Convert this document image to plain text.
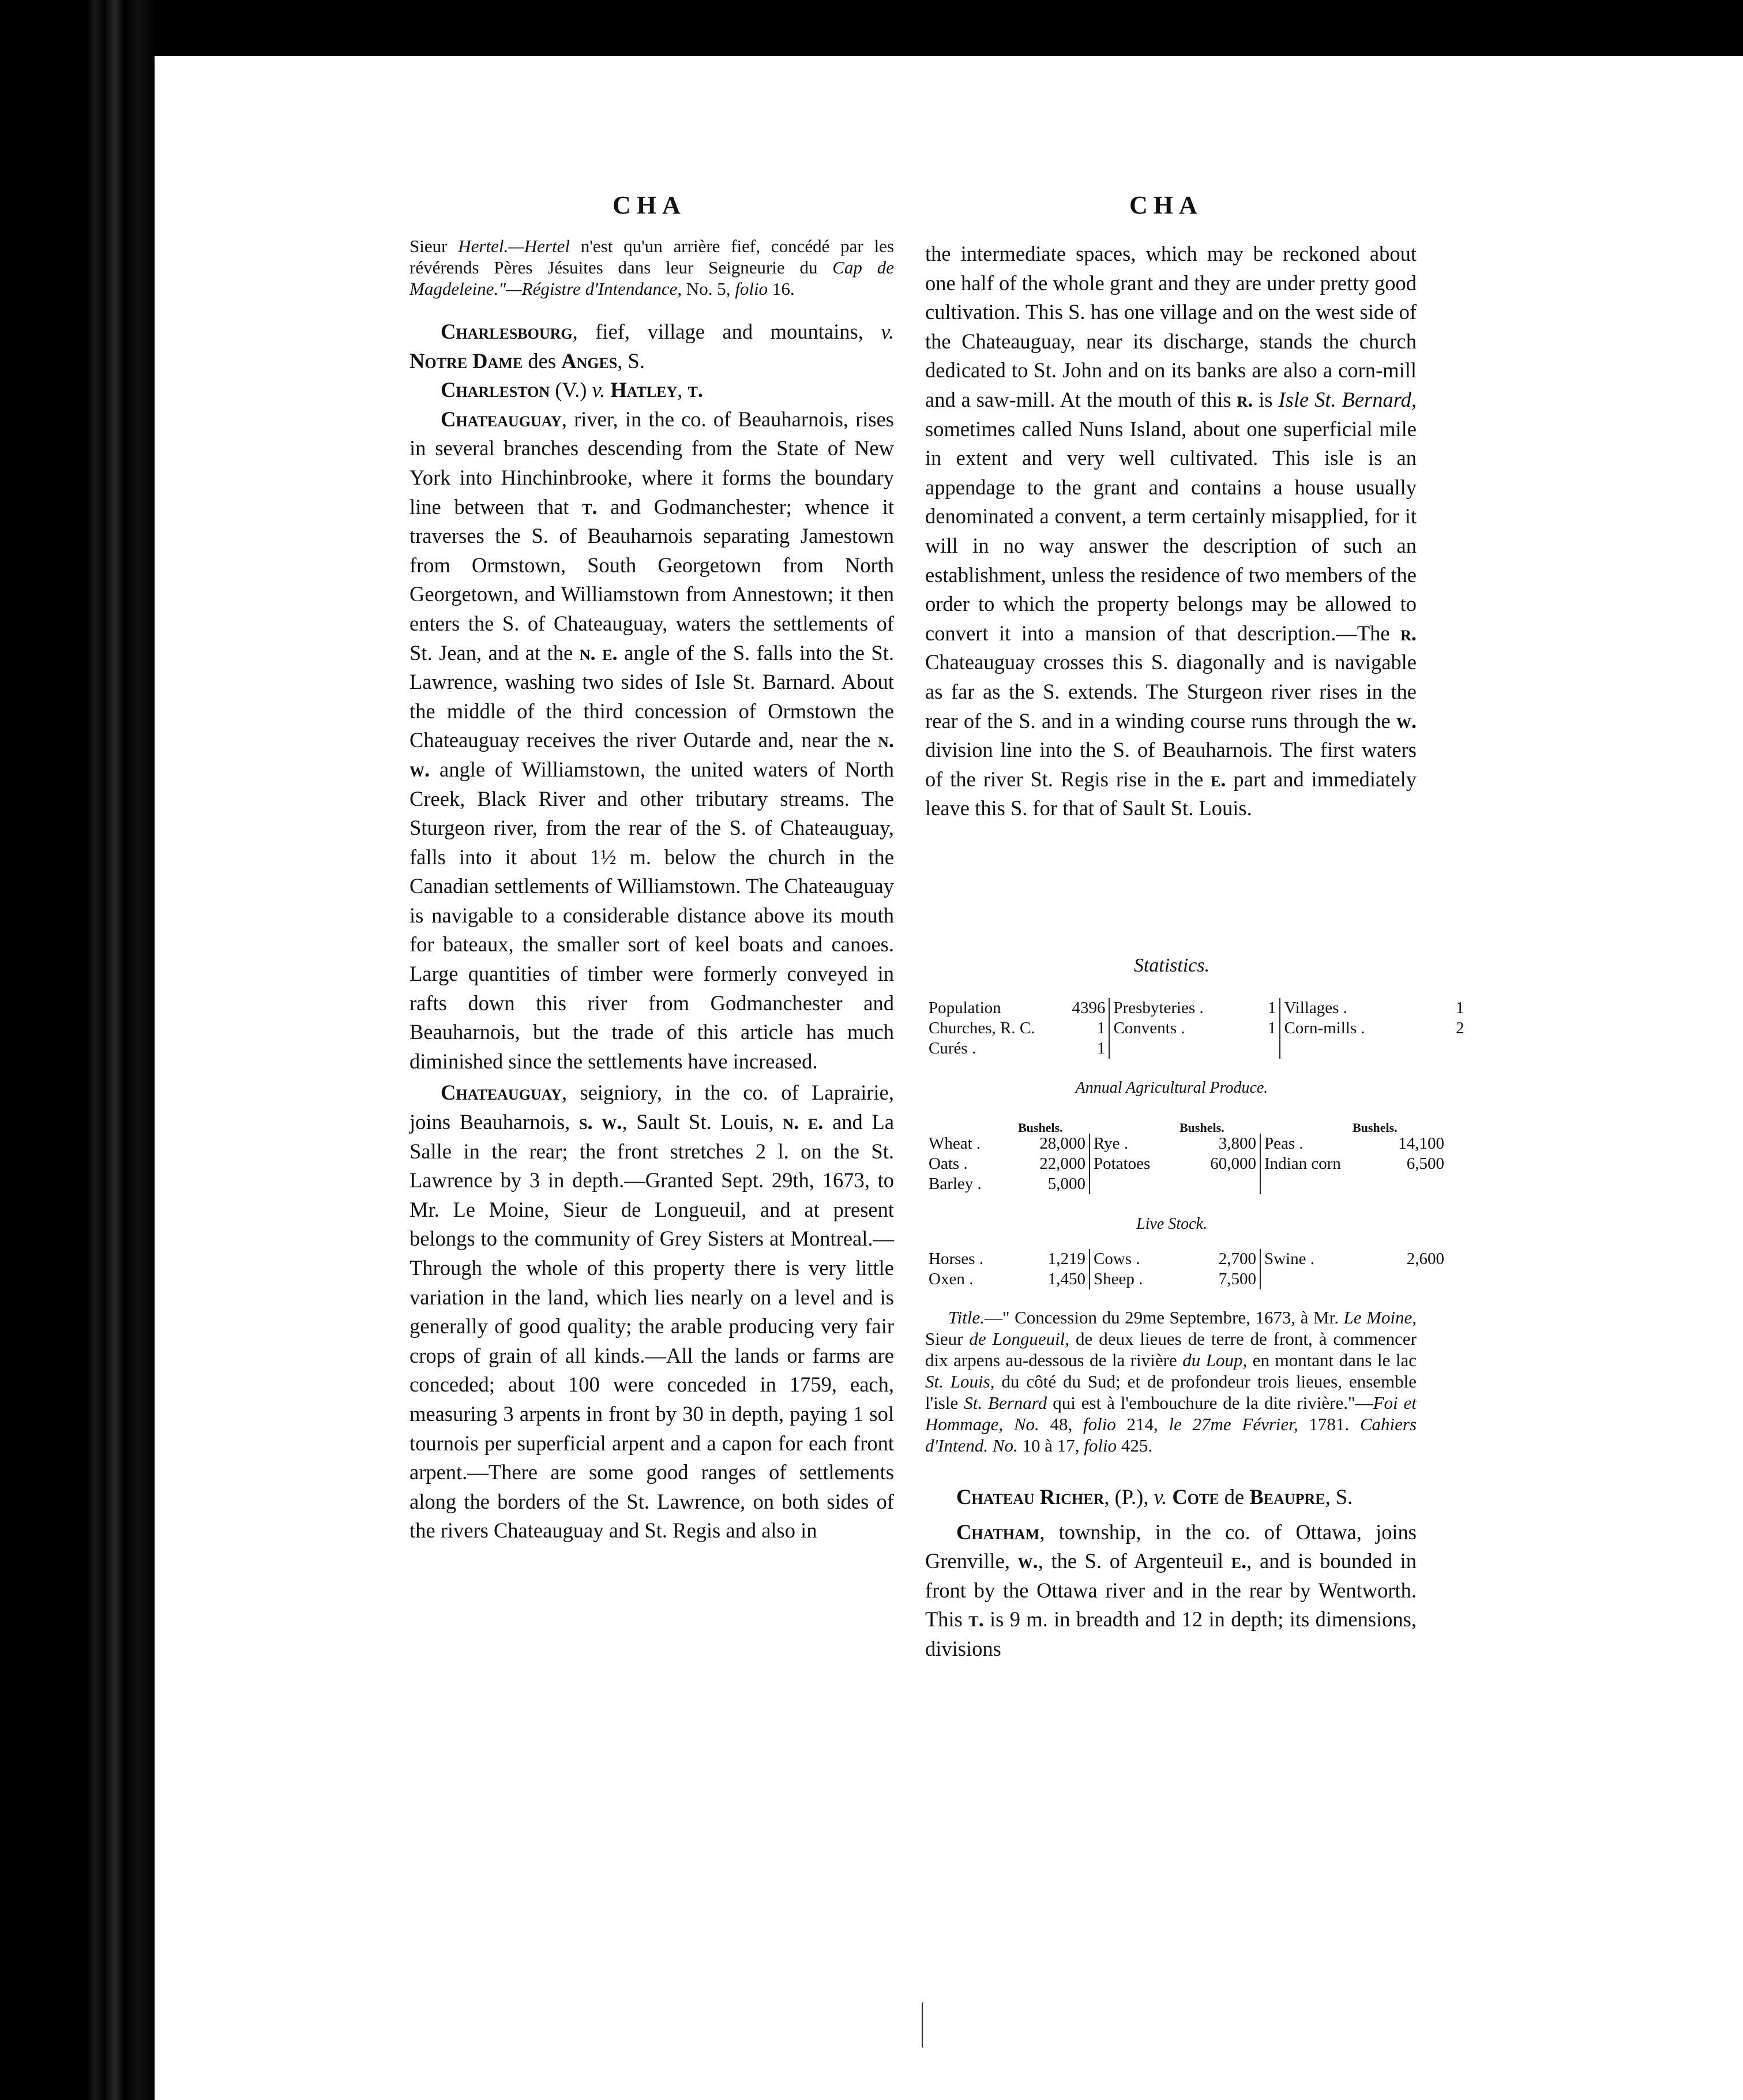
CHA	CHA
Sieur Hertel.—Hertel n'est qu'un arrière fief, concédé par les révérends Pères Jésuites dans leur Seigneurie du Cap de Magdeleine."—Régistre d'Intendance, No. 5, folio 16.

Charlesbourg, fief, village and mountains, v. Notre Dame des Anges, S.

Charleston (V.) v. Hatley, t.

Chateauguay, river, in the co. of Beauharnois, rises in several branches descending from the State of New York into Hinchinbrooke, where it forms the boundary line between that t. and Godmanchester; whence it traverses the S. of Beauharnois separating Jamestown from Ormstown, South Georgetown from North Georgetown, and Williamstown from Annestown; it then enters the S. of Chateauguay, waters the settlements of St. Jean, and at the n. e. angle of the S. falls into the St. Lawrence, washing two sides of Isle St. Barnard. About the middle of the third concession of Ormstown the Chateauguay receives the river Outarde and, near the n. w. angle of Williamstown, the united waters of North Creek, Black River and other tributary streams. The Sturgeon river, from the rear of the S. of Chateauguay, falls into it about 1½ m. below the church in the Canadian settlements of Williamstown. The Chateauguay is navigable to a considerable distance above its mouth for bateaux, the smaller sort of keel boats and canoes. Large quantities of timber were formerly conveyed in rafts down this river from Godmanchester and Beauharnois, but the trade of this article has much diminished since the settlements have increased.

Chateauguay, seigniory, in the co. of Laprairie, joins Beauharnois, s. w., Sault St. Louis, n. e. and La Salle in the rear; the front stretches 2 l. on the St. Lawrence by 3 in depth.—Granted Sept. 29th, 1673, to Mr. Le Moine, Sieur de Longueuil, and at present belongs to the community of Grey Sisters at Montreal.—Through the whole of this property there is very little variation in the land, which lies nearly on a level and is generally of good quality; the arable producing very fair crops of grain of all kinds.—All the lands or farms are conceded; about 100 were conceded in 1759, each, measuring 3 arpents in front by 30 in depth, paying 1 sol tournois per superficial arpent and a capon for each front arpent.—There are some good ranges of settlements along the borders of the St. Lawrence, on both sides of the rivers Chateauguay and St. Regis and also in

the intermediate spaces, which may be reckoned about one half of the whole grant and they are under pretty good cultivation. This S. has one village and on the west side of the Chateauguay, near its discharge, stands the church dedicated to St. John and on its banks are also a corn-mill and a saw-mill. At the mouth of this r. is Isle St. Bernard, sometimes called Nuns Island, about one superficial mile in extent and very well cultivated. This isle is an appendage to the grant and contains a house usually denominated a convent, a term certainly misapplied, for it will in no way answer the description of such an establishment, unless the residence of two members of the order to which the property belongs may be allowed to convert it into a mansion of that description.—The r. Chateauguay crosses this S. diagonally and is navigable as far as the S. extends. The Sturgeon river rises in the rear of the S. and in a winding course runs through the w. division line into the S. of Beauharnois. The first waters of the river St. Regis rise in the e. part and immediately leave this S. for that of Sault St. Louis.
Statistics.
Population	4396	Presbyteries .	1	Villages .	1
Churches, R. C.	1	Convents .	1	Corn-mills .	2
Curés .	1				
Annual Agricultural Produce.
Bushels.	Bushels.	Bushels.
Wheat .	28,000	Rye .	3,800	Peas .	14,100
Oats .	22,000	Potatoes	60,000	Indian corn	6,500
Barley .	5,000				
Live Stock.
Horses .	1,219	Cows .	2,700	Swine .	2,600
Oxen .	1,450	Sheep .	7,500		
Title.—" Concession du 29me Septembre, 1673, à Mr. Le Moine, Sieur de Longueuil, de deux lieues de terre de front, à commencer dix arpens au-dessous de la rivière du Loup, en montant dans le lac St. Louis, du côté du Sud; et de profondeur trois lieues, ensemble l'isle St. Bernard qui est à l'embouchure de la dite rivière."—Foi et Hommage, No. 48, folio 214, le 27me Février, 1781. Cahiers d'Intend. No. 10 à 17, folio 425.

Chateau Richer, (P.), v. Cote de Beaupre, S.

Chatham, township, in the co. of Ottawa, joins Grenville, w., the S. of Argenteuil e., and is bounded in front by the Ottawa river and in the rear by Wentworth. This t. is 9 m. in breadth and 12 in depth; its dimensions, divisions
